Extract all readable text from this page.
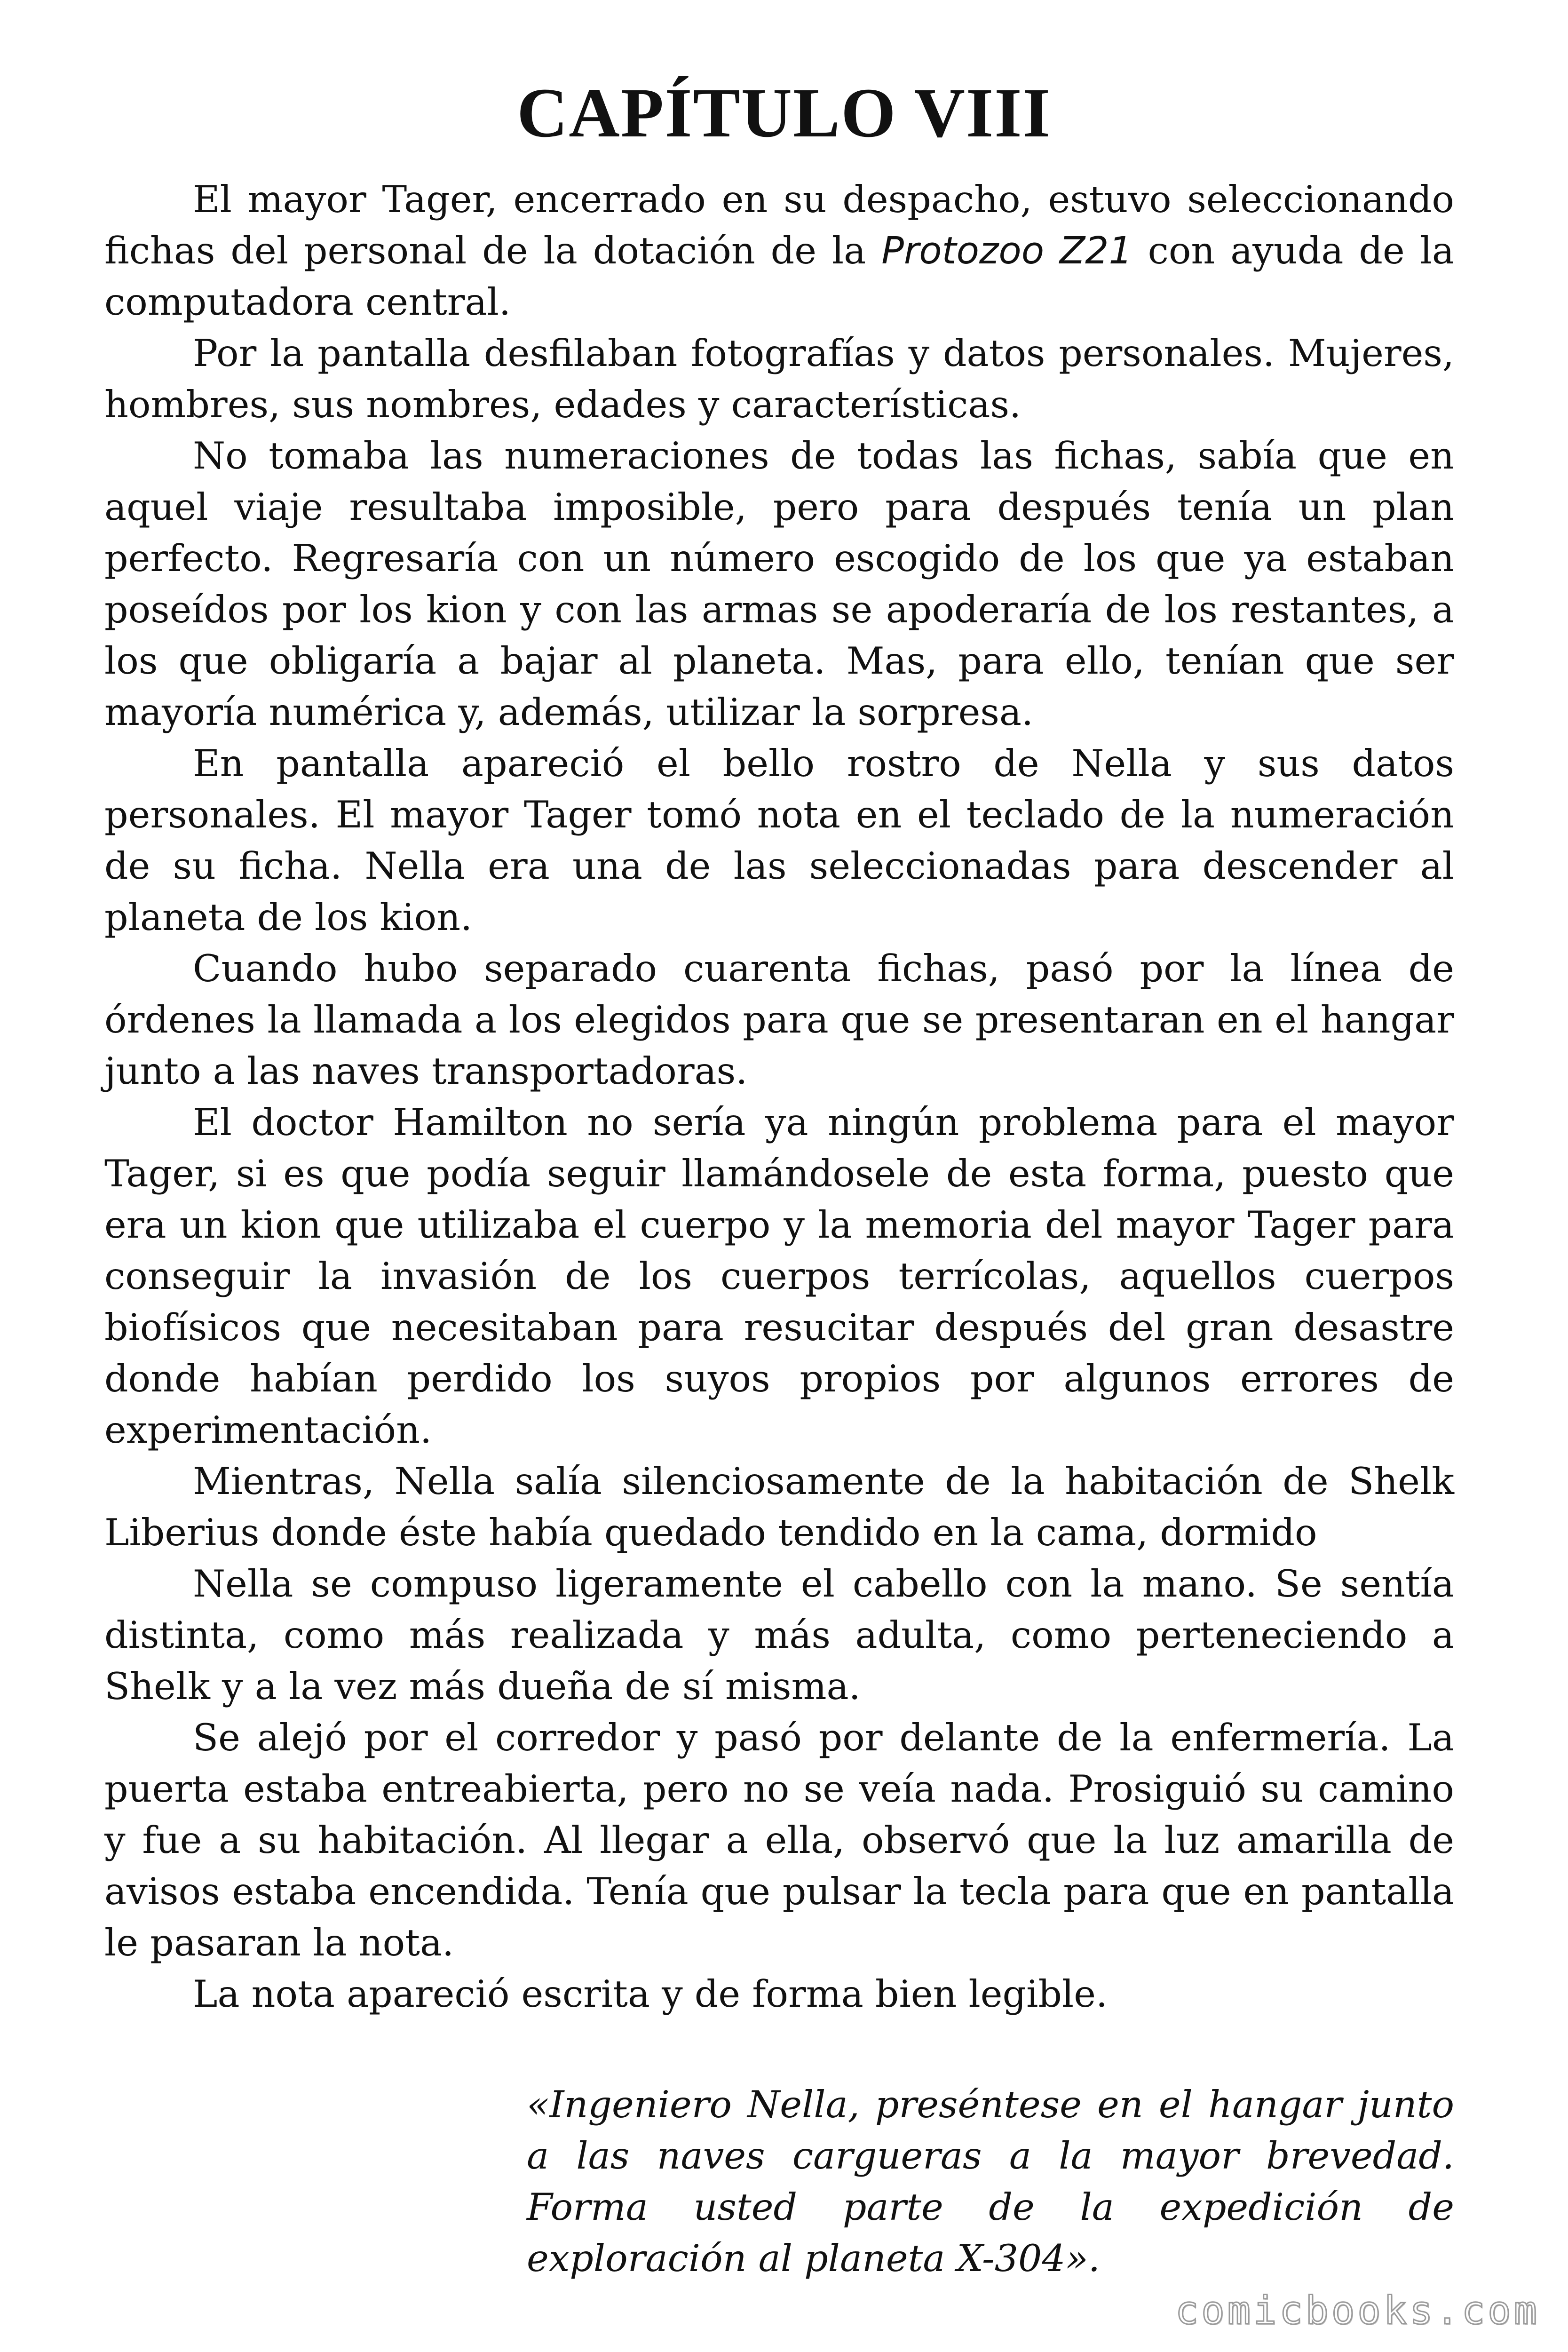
CAPÍTULO VIII

El mayor Tager, encerrado en su despacho, estuvo seleccionando fichas del personal de la dotación de la Protozoo Z21 con ayuda de la computadora central.

Por la pantalla desfilaban fotografías y datos personales. Mujeres, hombres, sus nombres, edades y características.

No tomaba las numeraciones de todas las fichas, sabía que en aquel viaje resultaba imposible, pero para después tenía un plan perfecto. Regresaría con un número escogido de los que ya estaban poseídos por los kion y con las armas se apoderaría de los restantes, a los que obligaría a bajar al planeta. Mas, para ello, tenían que ser mayoría numérica y, además, utilizar la sorpresa.

En pantalla apareció el bello rostro de Nella y sus datos personales. El mayor Tager tomó nota en el teclado de la numeración de su ficha. Nella era una de las seleccionadas para descender al planeta de los kion.

Cuando hubo separado cuarenta fichas, pasó por la línea de órdenes la llamada a los elegidos para que se presentaran en el hangar junto a las naves transportadoras.

El doctor Hamilton no sería ya ningún problema para el mayor Tager, si es que podía seguir llamándosele de esta forma, puesto que era un kion que utilizaba el cuerpo y la memoria del mayor Tager para conseguir la invasión de los cuerpos terrícolas, aquellos cuerpos biofísicos que necesitaban para resucitar después del gran desastre donde habían perdido los suyos propios por algunos errores de experimentación.

Mientras, Nella salía silenciosamente de la habitación de Shelk Liberius donde éste había quedado tendido en la cama, dormido

Nella se compuso ligeramente el cabello con la mano. Se sentía distinta, como más realizada y más adulta, como perteneciendo a Shelk y a la vez más dueña de sí misma.

Se alejó por el corredor y pasó por delante de la enfermería. La puerta estaba entreabierta, pero no se veía nada. Prosiguió su camino y fue a su habitación. Al llegar a ella, observó que la luz amarilla de avisos estaba encendida. Tenía que pulsar la tecla para que en pantalla le pasaran la nota.

La nota apareció escrita y de forma bien legible.

«Ingeniero Nella, preséntese en el hangar junto a las naves cargueras a la mayor brevedad. Forma usted parte de la expedición de exploración al planeta X-304».

comicbooks.com
